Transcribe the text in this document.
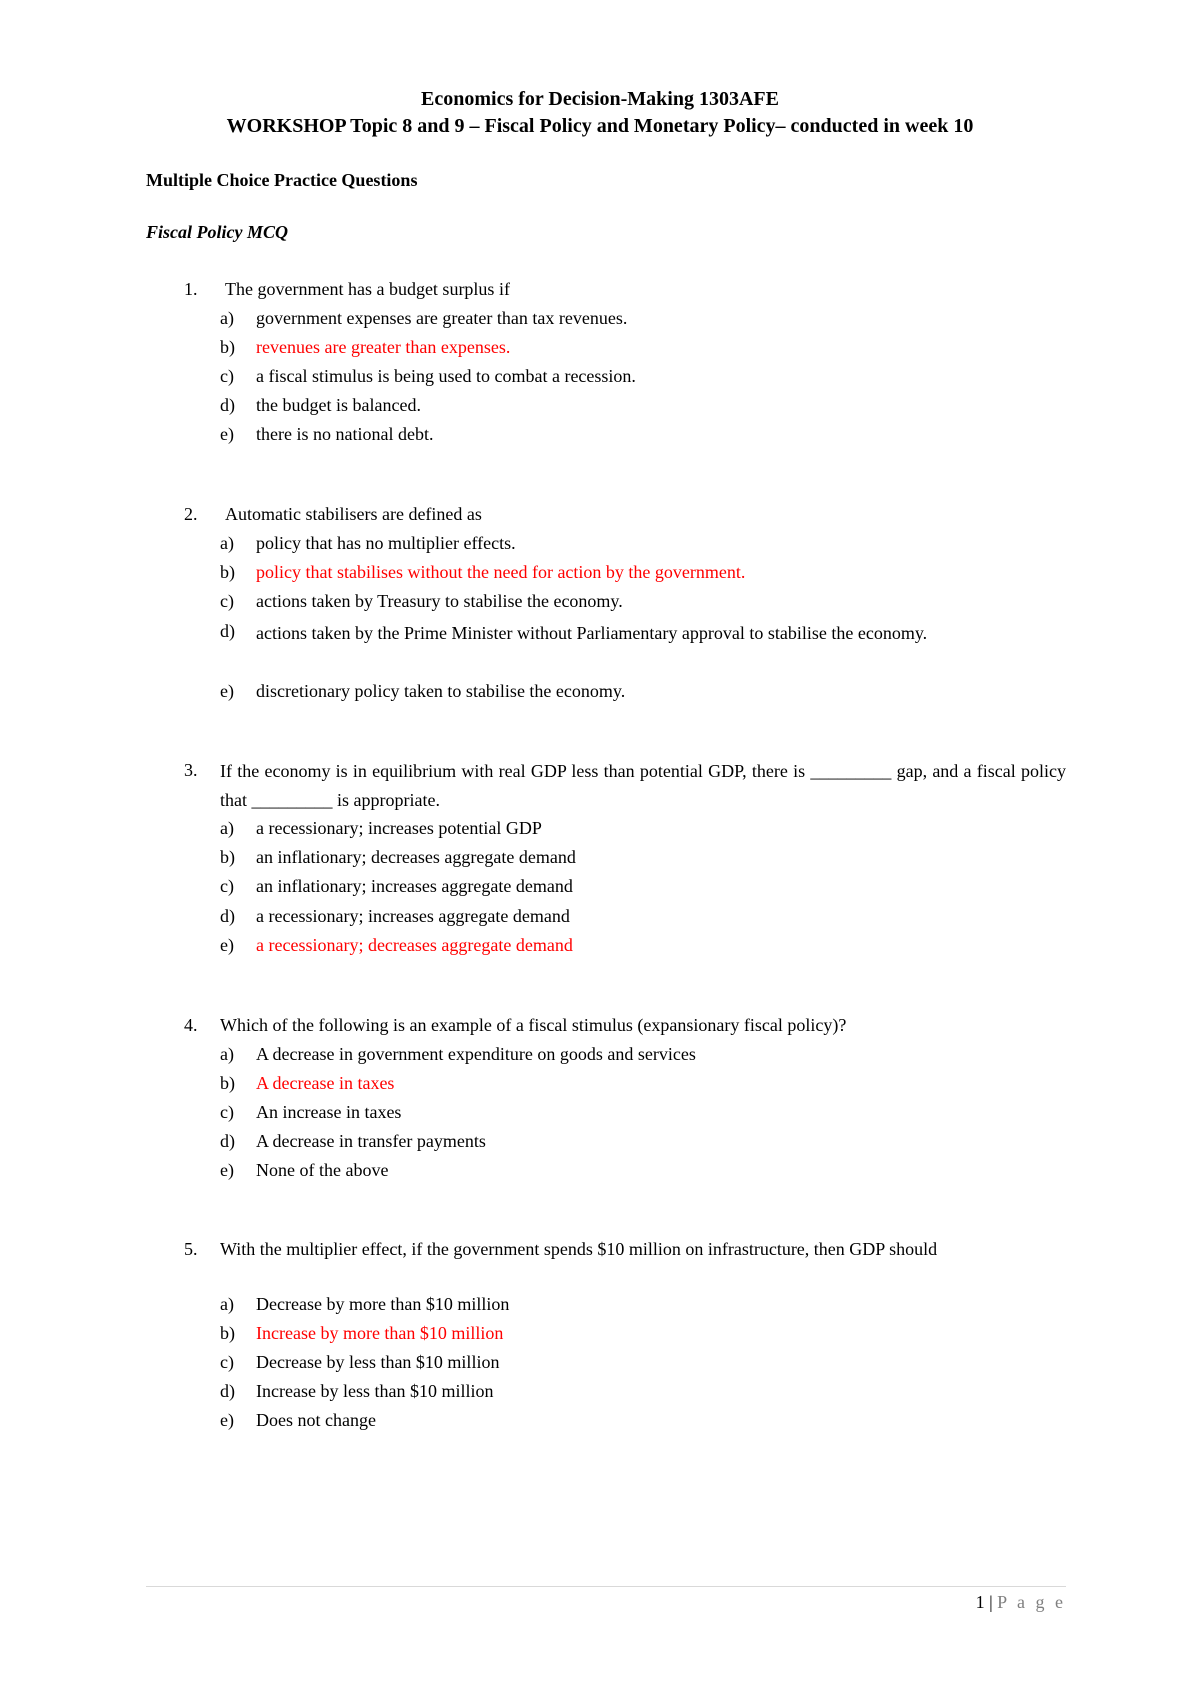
Economics for Decision-Making 1303AFE
WORKSHOP Topic 8 and 9 – Fiscal Policy and Monetary Policy– conducted in week 10
Multiple Choice Practice Questions
Fiscal Policy MCQ
1. The government has a budget surplus if
a) government expenses are greater than tax revenues.
b) revenues are greater than expenses.
c) a fiscal stimulus is being used to combat a recession.
d) the budget is balanced.
e) there is no national debt.
2. Automatic stabilisers are defined as
a) policy that has no multiplier effects.
b) policy that stabilises without the need for action by the government.
c) actions taken by Treasury to stabilise the economy.
d) actions taken by the Prime Minister without Parliamentary approval to stabilise the economy.
e) discretionary policy taken to stabilise the economy.
3. If the economy is in equilibrium with real GDP less than potential GDP, there is _________ gap, and a fiscal policy that _________ is appropriate.
a) a recessionary; increases potential GDP
b) an inflationary; decreases aggregate demand
c) an inflationary; increases aggregate demand
d) a recessionary; increases aggregate demand
e) a recessionary; decreases aggregate demand
4. Which of the following is an example of a fiscal stimulus (expansionary fiscal policy)?
a) A decrease in government expenditure on goods and services
b) A decrease in taxes
c) An increase in taxes
d) A decrease in transfer payments
e) None of the above
5. With the multiplier effect, if the government spends $10 million on infrastructure, then GDP should
a) Decrease by more than $10 million
b) Increase by more than $10 million
c) Decrease by less than $10 million
d) Increase by less than $10 million
e) Does not change
1 | P a g e
